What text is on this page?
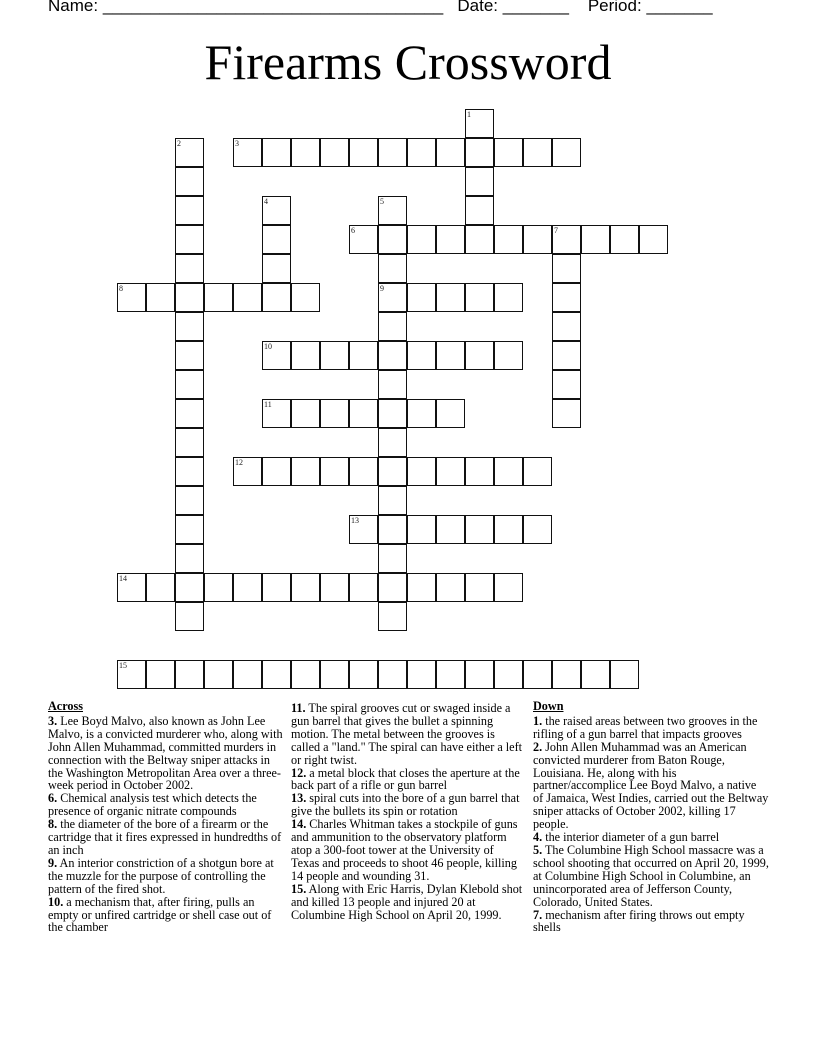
Name: ____________________________________ Date: _______ Period: _______
Firearms Crossword
1
2	3
4	5
9
6	7
8
10
11
12
13
14
15
Across
3. Lee Boyd Malvo, also known as John Lee Malvo, is a convicted murderer who, along with John Allen Muhammad, committed murders in connection with the Beltway sniper attacks in the Washington Metropolitan Area over a three-week period in October 2002.
6. Chemical analysis test which detects the presence of organic nitrate compounds
8. the diameter of the bore of a firearm or the cartridge that it fires expressed in hundredths of an inch
9. An interior constriction of a shotgun bore at the muzzle for the purpose of controlling the pattern of the fired shot.
10. a mechanism that, after firing, pulls an empty or unfired cartridge or shell case out of the chamber
11. The spiral grooves cut or swaged inside a gun barrel that gives the bullet a spinning motion. The metal between the grooves is called a "land." The spiral can have either a left or right twist.
12. a metal block that closes the aperture at the back part of a rifle or gun barrel
13. spiral cuts into the bore of a gun barrel that give the bullets its spin or rotation
14. Charles Whitman takes a stockpile of guns and ammunition to the observatory platform atop a 300-foot tower at the University of Texas and proceeds to shoot 46 people, killing 14 people and wounding 31.
15. Along with Eric Harris, Dylan Klebold shot and killed 13 people and injured 20 at Columbine High School on April 20, 1999.
Down
1. the raised areas between two grooves in the rifling of a gun barrel that impacts grooves
2. John Allen Muhammad was an American convicted murderer from Baton Rouge, Louisiana. He, along with his partner/accomplice Lee Boyd Malvo, a native of Jamaica, West Indies, carried out the Beltway sniper attacks of October 2002, killing 17 people.
4. the interior diameter of a gun barrel
5. The Columbine High School massacre was a school shooting that occurred on April 20, 1999, at Columbine High School in Columbine, an unincorporated area of Jefferson County, Colorado, United States.
7. mechanism after firing throws out empty shells
